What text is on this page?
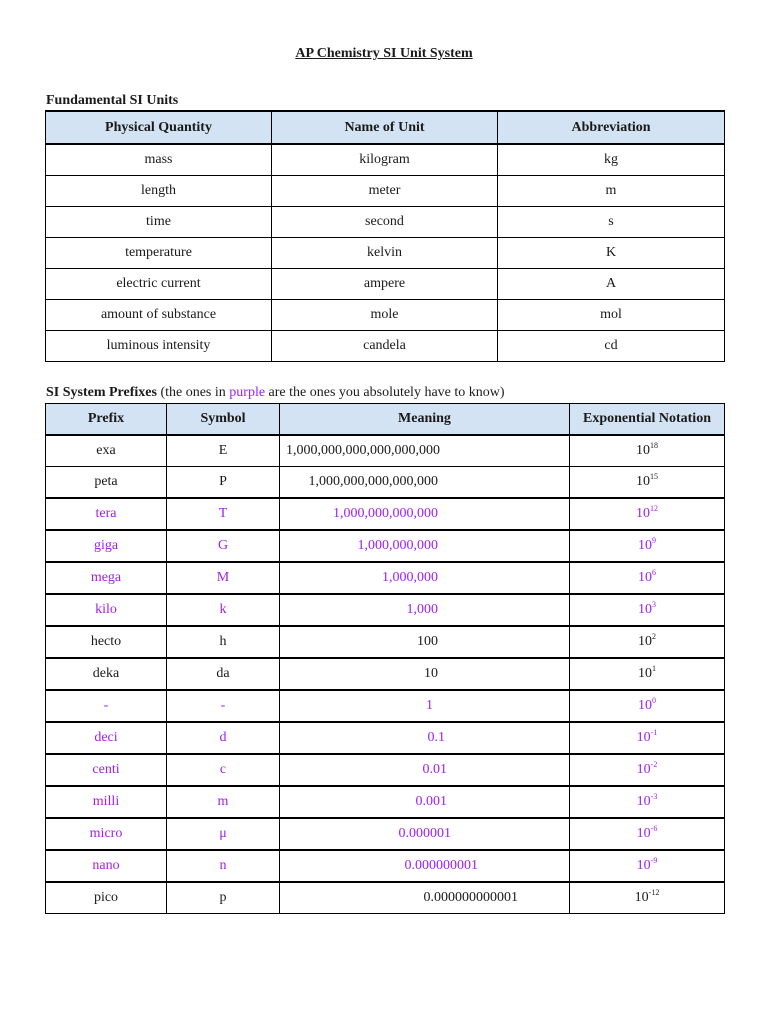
AP Chemistry SI Unit System
Fundamental SI Units
Physical Quantity	Name of Unit	Abbreviation
mass	kilogram	kg
length	meter	m
time	second	s
temperature	kelvin	K
electric current	ampere	A
amount of substance	mole	mol
luminous intensity	candela	cd
SI System Prefixes (the ones in purple are the ones you absolutely have to know)
Prefix	Symbol	Meaning	Exponential Notation
exa	E	1,000,000,000,000,000,000	$10^{18}$
peta	P	1,000,000,000,000,000	$10^{15}$
tera	T	1,000,000,000,000	$10^{12}$
giga	G	1,000,000,000	$10^9$
mega	M	1,000,000	$10^6$
kilo	k	1,000	$10^3$
hecto	h	100	$10^2$
deka	da	10	$10^1$
-	-	1	$10^0$
deci	d	0.1	$10^{-1}$
centi	c	0.01	$10^{-2}$
milli	m	0.001	$10^{-3}$
micro	μ	0.000001	$10^{-6}$
nano	n	0.000000001	$10^{-9}$
pico	p	0.000000000001	$10^{-12}$
